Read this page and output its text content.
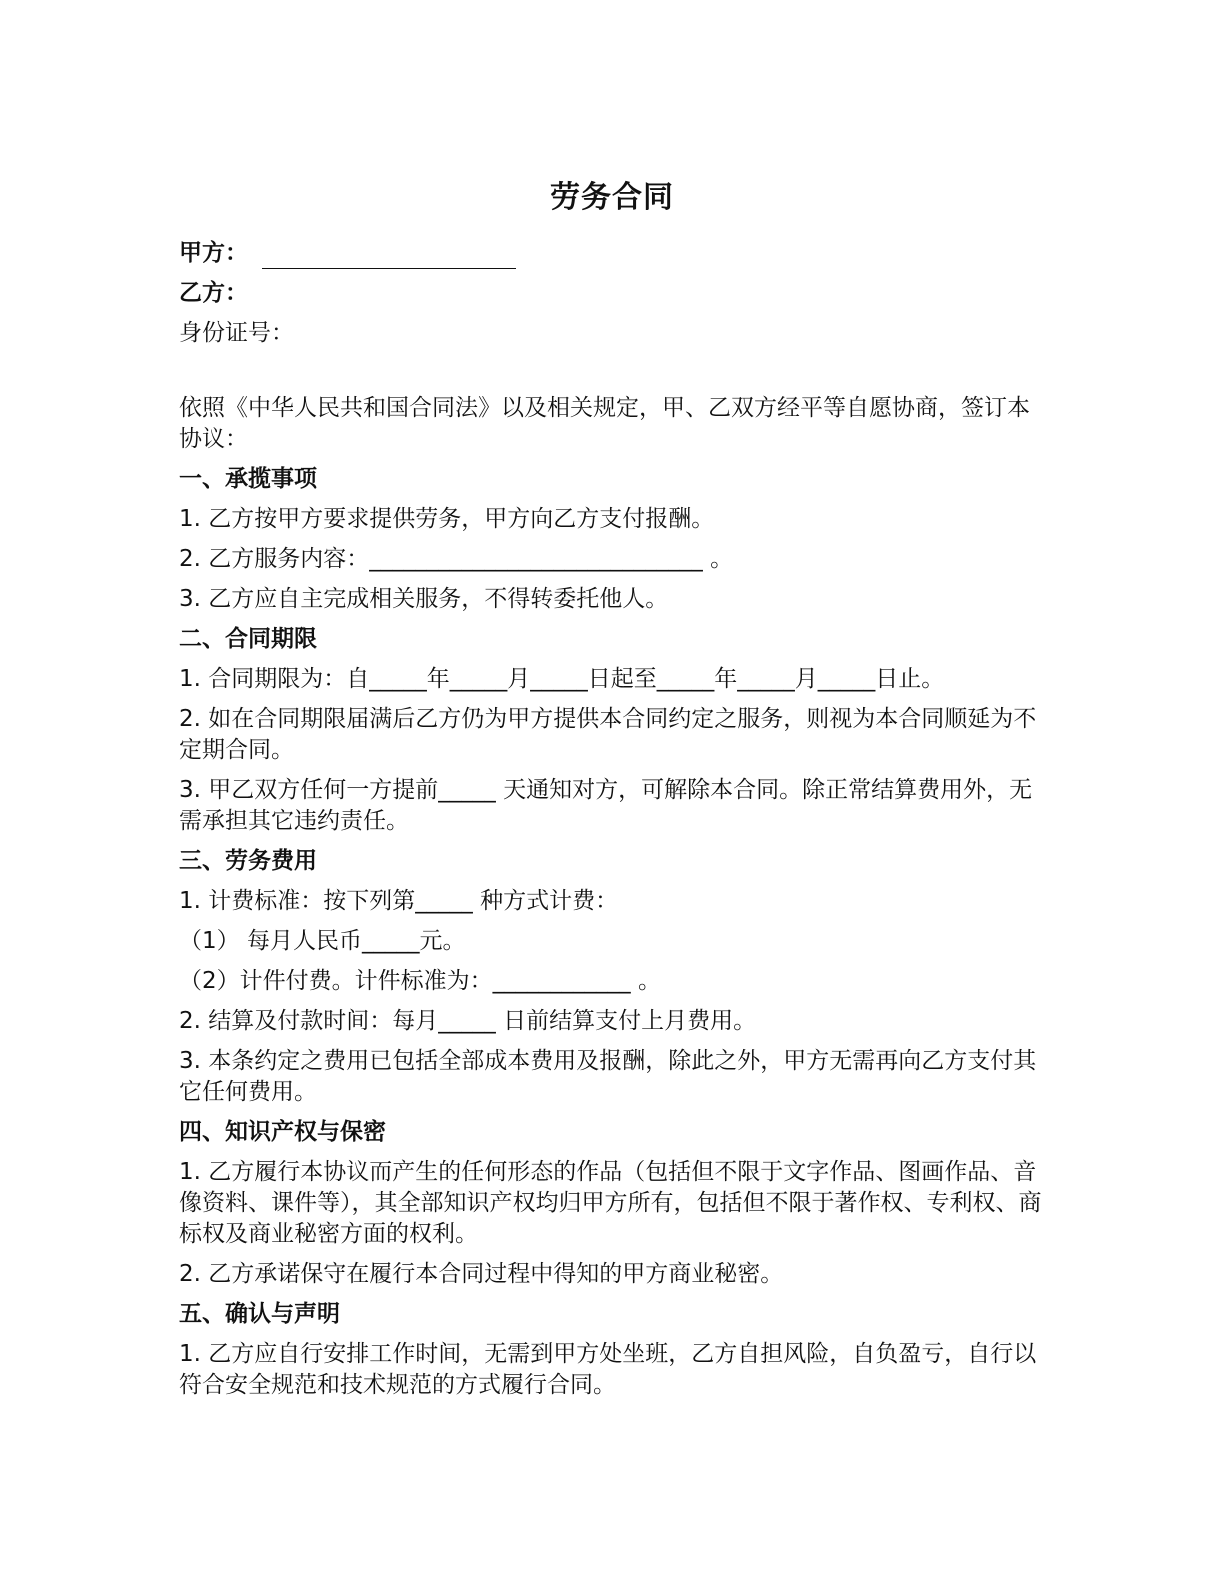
劳务合同
甲方：
乙方：
身份证号：
依照《中华人民共和国合同法》以及相关规定，甲、乙双方经平等自愿协商，签订本协议：
一、承揽事项
1. 乙方按甲方要求提供劳务，甲方向乙方支付报酬。
2. 乙方服务内容：_____________________________ 。
3. 乙方应自主完成相关服务，不得转委托他人。
二、合同期限
1. 合同期限为：自_____年_____月_____日起至_____年_____月_____日止。
2. 如在合同期限届满后乙方仍为甲方提供本合同约定之服务，则视为本合同顺延为不定期合同。
3. 甲乙双方任何一方提前_____ 天通知对方，可解除本合同。除正常结算费用外，无需承担其它违约责任。
三、劳务费用
1. 计费标准：按下列第_____ 种方式计费：
（1） 每月人民币_____元。
（2）计件付费。计件标准为：____________ 。
2. 结算及付款时间：每月_____ 日前结算支付上月费用。
3. 本条约定之费用已包括全部成本费用及报酬，除此之外，甲方无需再向乙方支付其它任何费用。
四、知识产权与保密
1. 乙方履行本协议而产生的任何形态的作品（包括但不限于文字作品、图画作品、音像资料、课件等），其全部知识产权均归甲方所有，包括但不限于著作权、专利权、商标权及商业秘密方面的权利。
2. 乙方承诺保守在履行本合同过程中得知的甲方商业秘密。
五、确认与声明
1. 乙方应自行安排工作时间，无需到甲方处坐班，乙方自担风险，自负盈亏，自行以符合安全规范和技术规范的方式履行合同。
